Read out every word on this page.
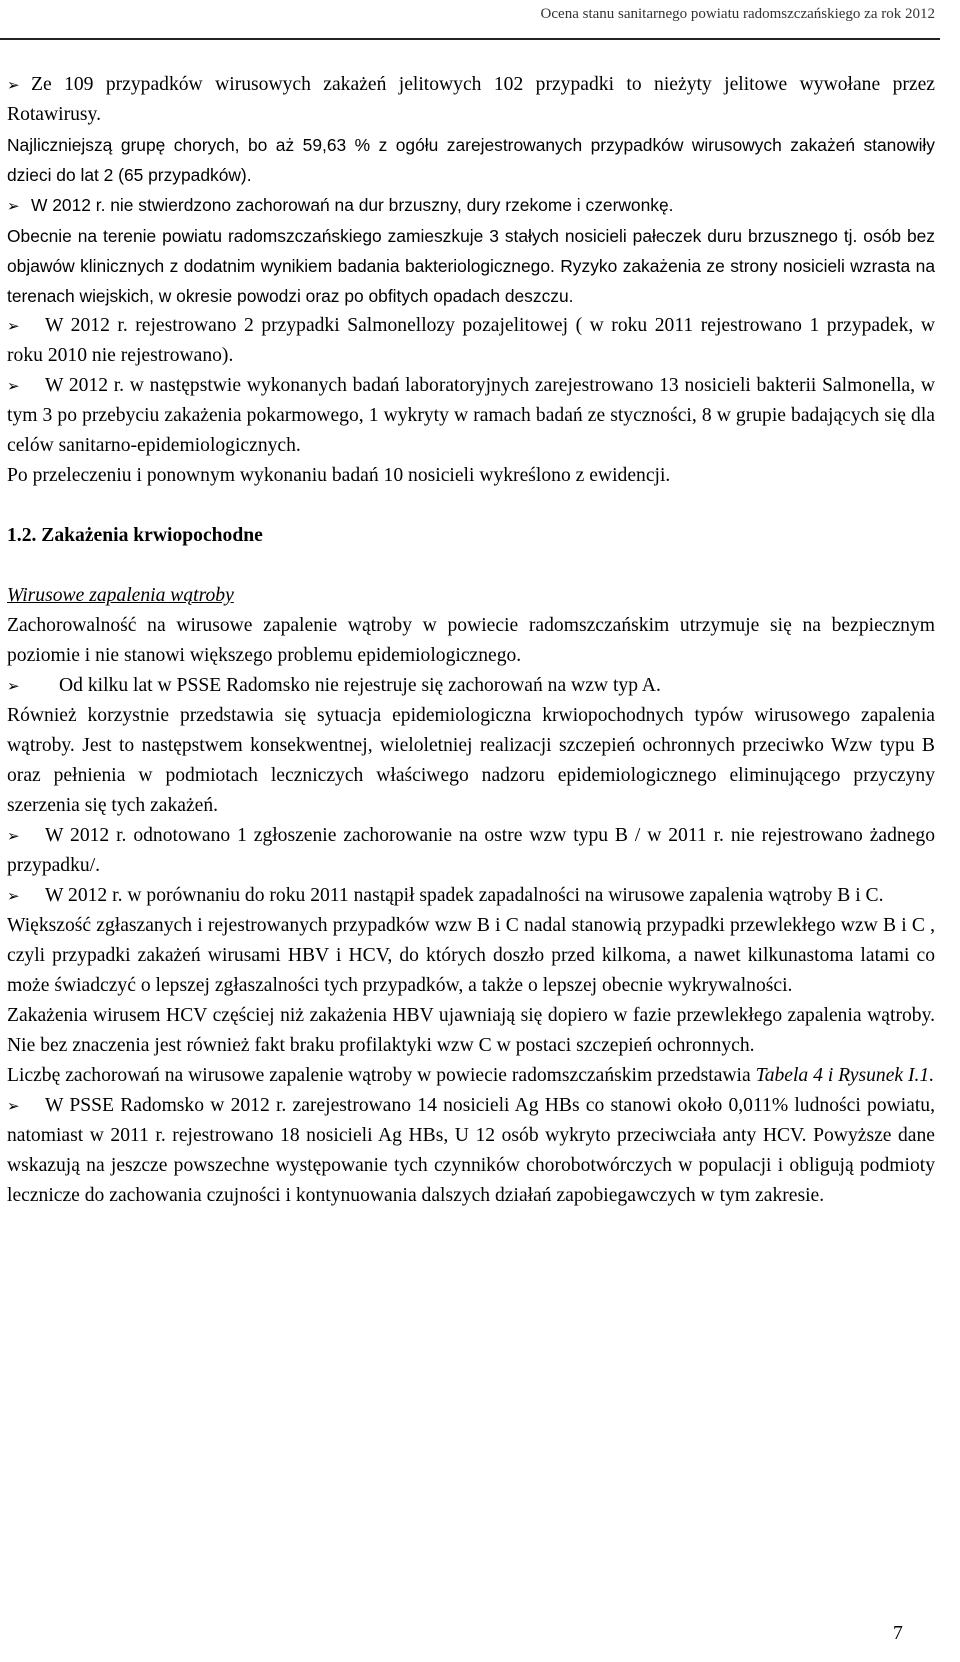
Ocena stanu sanitarnego powiatu radomszczańskiego za rok 2012

➢ Ze 109 przypadków wirusowych zakażeń jelitowych 102 przypadki to nieżyty jelitowe wywołane przez Rotawirusy.

Najliczniejszą grupę chorych, bo aż 59,63 % z ogółu zarejestrowanych przypadków wirusowych zakażeń stanowiły dzieci do lat 2 (65 przypadków).

➢ W 2012 r. nie stwierdzono zachorowań na dur brzuszny, dury rzekome i czerwonkę.

Obecnie na terenie powiatu radomszczańskiego zamieszkuje 3 stałych nosicieli pałeczek duru brzusznego tj. osób bez objawów klinicznych z dodatnim wynikiem badania bakteriologicznego. Ryzyko zakażenia ze strony nosicieli wzrasta na terenach wiejskich, w okresie powodzi oraz po obfitych opadach deszczu.

➢ W 2012 r. rejestrowano 2 przypadki Salmonellozy pozajelitowej ( w roku 2011 rejestrowano 1 przypadek, w roku 2010 nie rejestrowano).

➢ W 2012 r. w następstwie wykonanych badań laboratoryjnych zarejestrowano 13 nosicieli bakterii Salmonella, w tym 3 po przebyciu zakażenia pokarmowego, 1 wykryty w ramach badań ze styczności, 8 w grupie badających się dla celów sanitarno-epidemiologicznych.

Po przeleczeniu i ponownym wykonaniu badań 10 nosicieli wykreślono z ewidencji.

1.2. Zakażenia krwiopochodne

Wirusowe zapalenia wątroby

Zachorowalność na wirusowe zapalenie wątroby w powiecie radomszczańskim utrzymuje się na bezpiecznym poziomie i nie stanowi większego problemu epidemiologicznego.

➢ Od kilku lat w PSSE Radomsko nie rejestruje się zachorowań na wzw typ A.

Również korzystnie przedstawia się sytuacja epidemiologiczna krwiopochodnych typów wirusowego zapalenia wątroby. Jest to następstwem konsekwentnej, wieloletniej realizacji szczepień ochronnych przeciwko Wzw typu B oraz pełnienia w podmiotach leczniczych właściwego nadzoru epidemiologicznego eliminującego przyczyny szerzenia się tych zakażeń.

➢ W 2012 r. odnotowano 1 zgłoszenie zachorowanie na ostre wzw typu B / w 2011 r. nie rejestrowano żadnego przypadku/.

➢ W 2012 r. w porównaniu do roku 2011 nastąpił spadek zapadalności na wirusowe zapalenia wątroby B i C.

Większość zgłaszanych i rejestrowanych przypadków wzw B i C nadal stanowią przypadki przewlekłego wzw B i C , czyli przypadki zakażeń wirusami HBV i HCV, do których doszło przed kilkoma, a nawet kilkunastoma latami co może świadczyć o lepszej zgłaszalności tych przypadków, a także o lepszej obecnie wykrywalności.

Zakażenia wirusem HCV częściej niż zakażenia HBV ujawniają się dopiero w fazie przewlekłego zapalenia wątroby. Nie bez znaczenia jest również fakt braku profilaktyki wzw C w postaci szczepień ochronnych.

Liczbę zachorowań na wirusowe zapalenie wątroby w powiecie radomszczańskim przedstawia Tabela 4 i Rysunek I.1.

➢ W PSSE Radomsko w 2012 r. zarejestrowano 14 nosicieli Ag HBs co stanowi około 0,011% ludności powiatu, natomiast w 2011 r. rejestrowano 18 nosicieli Ag HBs, U 12 osób wykryto przeciwciała anty HCV. Powyższe dane wskazują na jeszcze powszechne występowanie tych czynników chorobotwórczych w populacji i obligują podmioty lecznicze do zachowania czujności i kontynuowania dalszych działań zapobiegawczych w tym zakresie.

7
